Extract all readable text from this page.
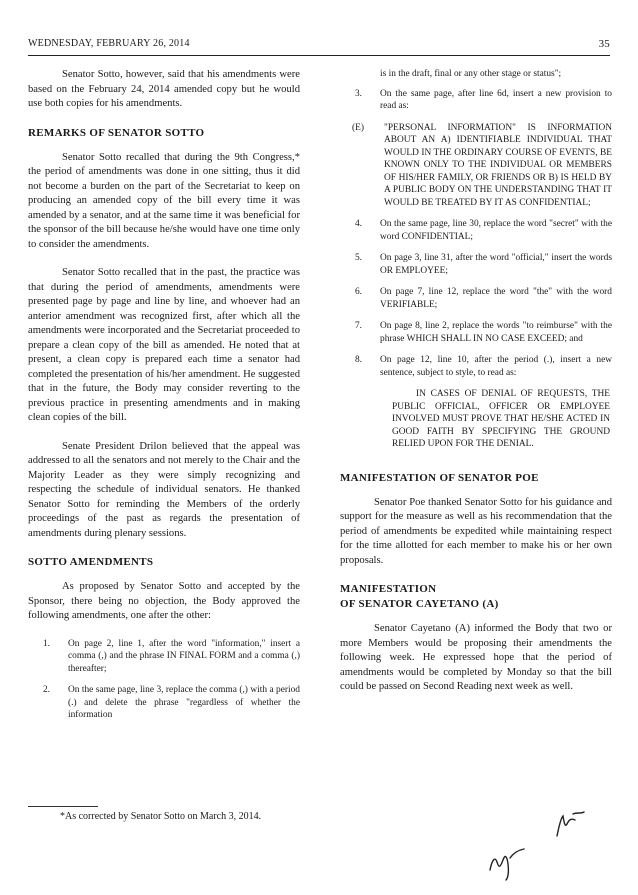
WEDNESDAY, FEBRUARY 26, 2014	35

Senator Sotto, however, said that his amendments were based on the February 24, 2014 amended copy but he would use both copies for his amendments.

REMARKS OF SENATOR SOTTO

Senator Sotto recalled that during the 9th Congress,* the period of amendments was done in one sitting, thus it did not become a burden on the part of the Secretariat to keep on producing an amended copy of the bill every time it was amended by a senator, and at the same time it was beneficial for the sponsor of the bill because he/she would have one time only to consider the amendments.

Senator Sotto recalled that in the past, the practice was that during the period of amendments, amendments were presented page by page and line by line, and whoever had an anterior amendment was recognized first, after which all the amendments were incorporated and the Secretariat proceeded to prepare a clean copy of the bill as amended. He noted that at present, a clean copy is prepared each time a senator had completed the presentation of his/her amendment. He suggested that in the future, the Body may consider reverting to the previous practice in presenting amendments and in making clean copies of the bill.

Senate President Drilon believed that the appeal was addressed to all the senators and not merely to the Chair and the Majority Leader as they were simply recognizing and respecting the schedule of individual senators. He thanked Senator Sotto for reminding the Members of the orderly proceedings of the past as regards the presentation of amendments during plenary sessions.

SOTTO AMENDMENTS

As proposed by Senator Sotto and accepted by the Sponsor, there being no objection, the Body approved the following amendments, one after the other:

1. On page 2, line 1, after the word "information," insert a comma (,) and the phrase IN FINAL FORM and a comma (,) thereafter;
2. On the same page, line 3, replace the comma (,) with a period (.) and delete the phrase "regardless of whether the information
*As corrected by Senator Sotto on March 3, 2014.
is in the draft, final or any other stage or status";
3. On the same page, after line 6d, insert a new provision to read as:
(E) "PERSONAL INFORMATION" IS INFORMATION ABOUT AN A) IDENTIFIABLE INDIVIDUAL THAT WOULD IN THE ORDINARY COURSE OF EVENTS, BE KNOWN ONLY TO THE INDIVIDUAL OR MEMBERS OF HIS/HER FAMILY, OR FRIENDS OR B) IS HELD BY A PUBLIC BODY ON THE UNDERSTANDING THAT IT WOULD BE TREATED BY IT AS CONFIDENTIAL;
4. On the same page, line 30, replace the word "secret" with the word CONFIDENTIAL;
5. On page 3, line 31, after the word "official," insert the words OR EMPLOYEE;
6. On page 7, line 12, replace the word "the" with the word VERIFIABLE;
7. On page 8, line 2, replace the words "to reimburse" with the phrase WHICH SHALL IN NO CASE EXCEED; and
8. On page 12, line 10, after the period (.), insert a new sentence, subject to style, to read as:
IN CASES OF DENIAL OF REQUESTS, THE PUBLIC OFFICIAL, OFFICER OR EMPLOYEE INVOLVED MUST PROVE THAT HE/SHE ACTED IN GOOD FAITH BY SPECIFYING THE GROUND RELIED UPON FOR THE DENIAL.
MANIFESTATION OF SENATOR POE

Senator Poe thanked Senator Sotto for his guidance and support for the measure as well as his recommendation that the period of amendments be expedited while maintaining respect for the time allotted for each member to make his or her own proposals.

MANIFESTATION
OF SENATOR CAYETANO (A)

Senator Cayetano (A) informed the Body that two or more Members would be proposing their amendments the following week. He expressed hope that the period of amendments would be completed by Monday so that the bill could be passed on Second Reading next week as well.
